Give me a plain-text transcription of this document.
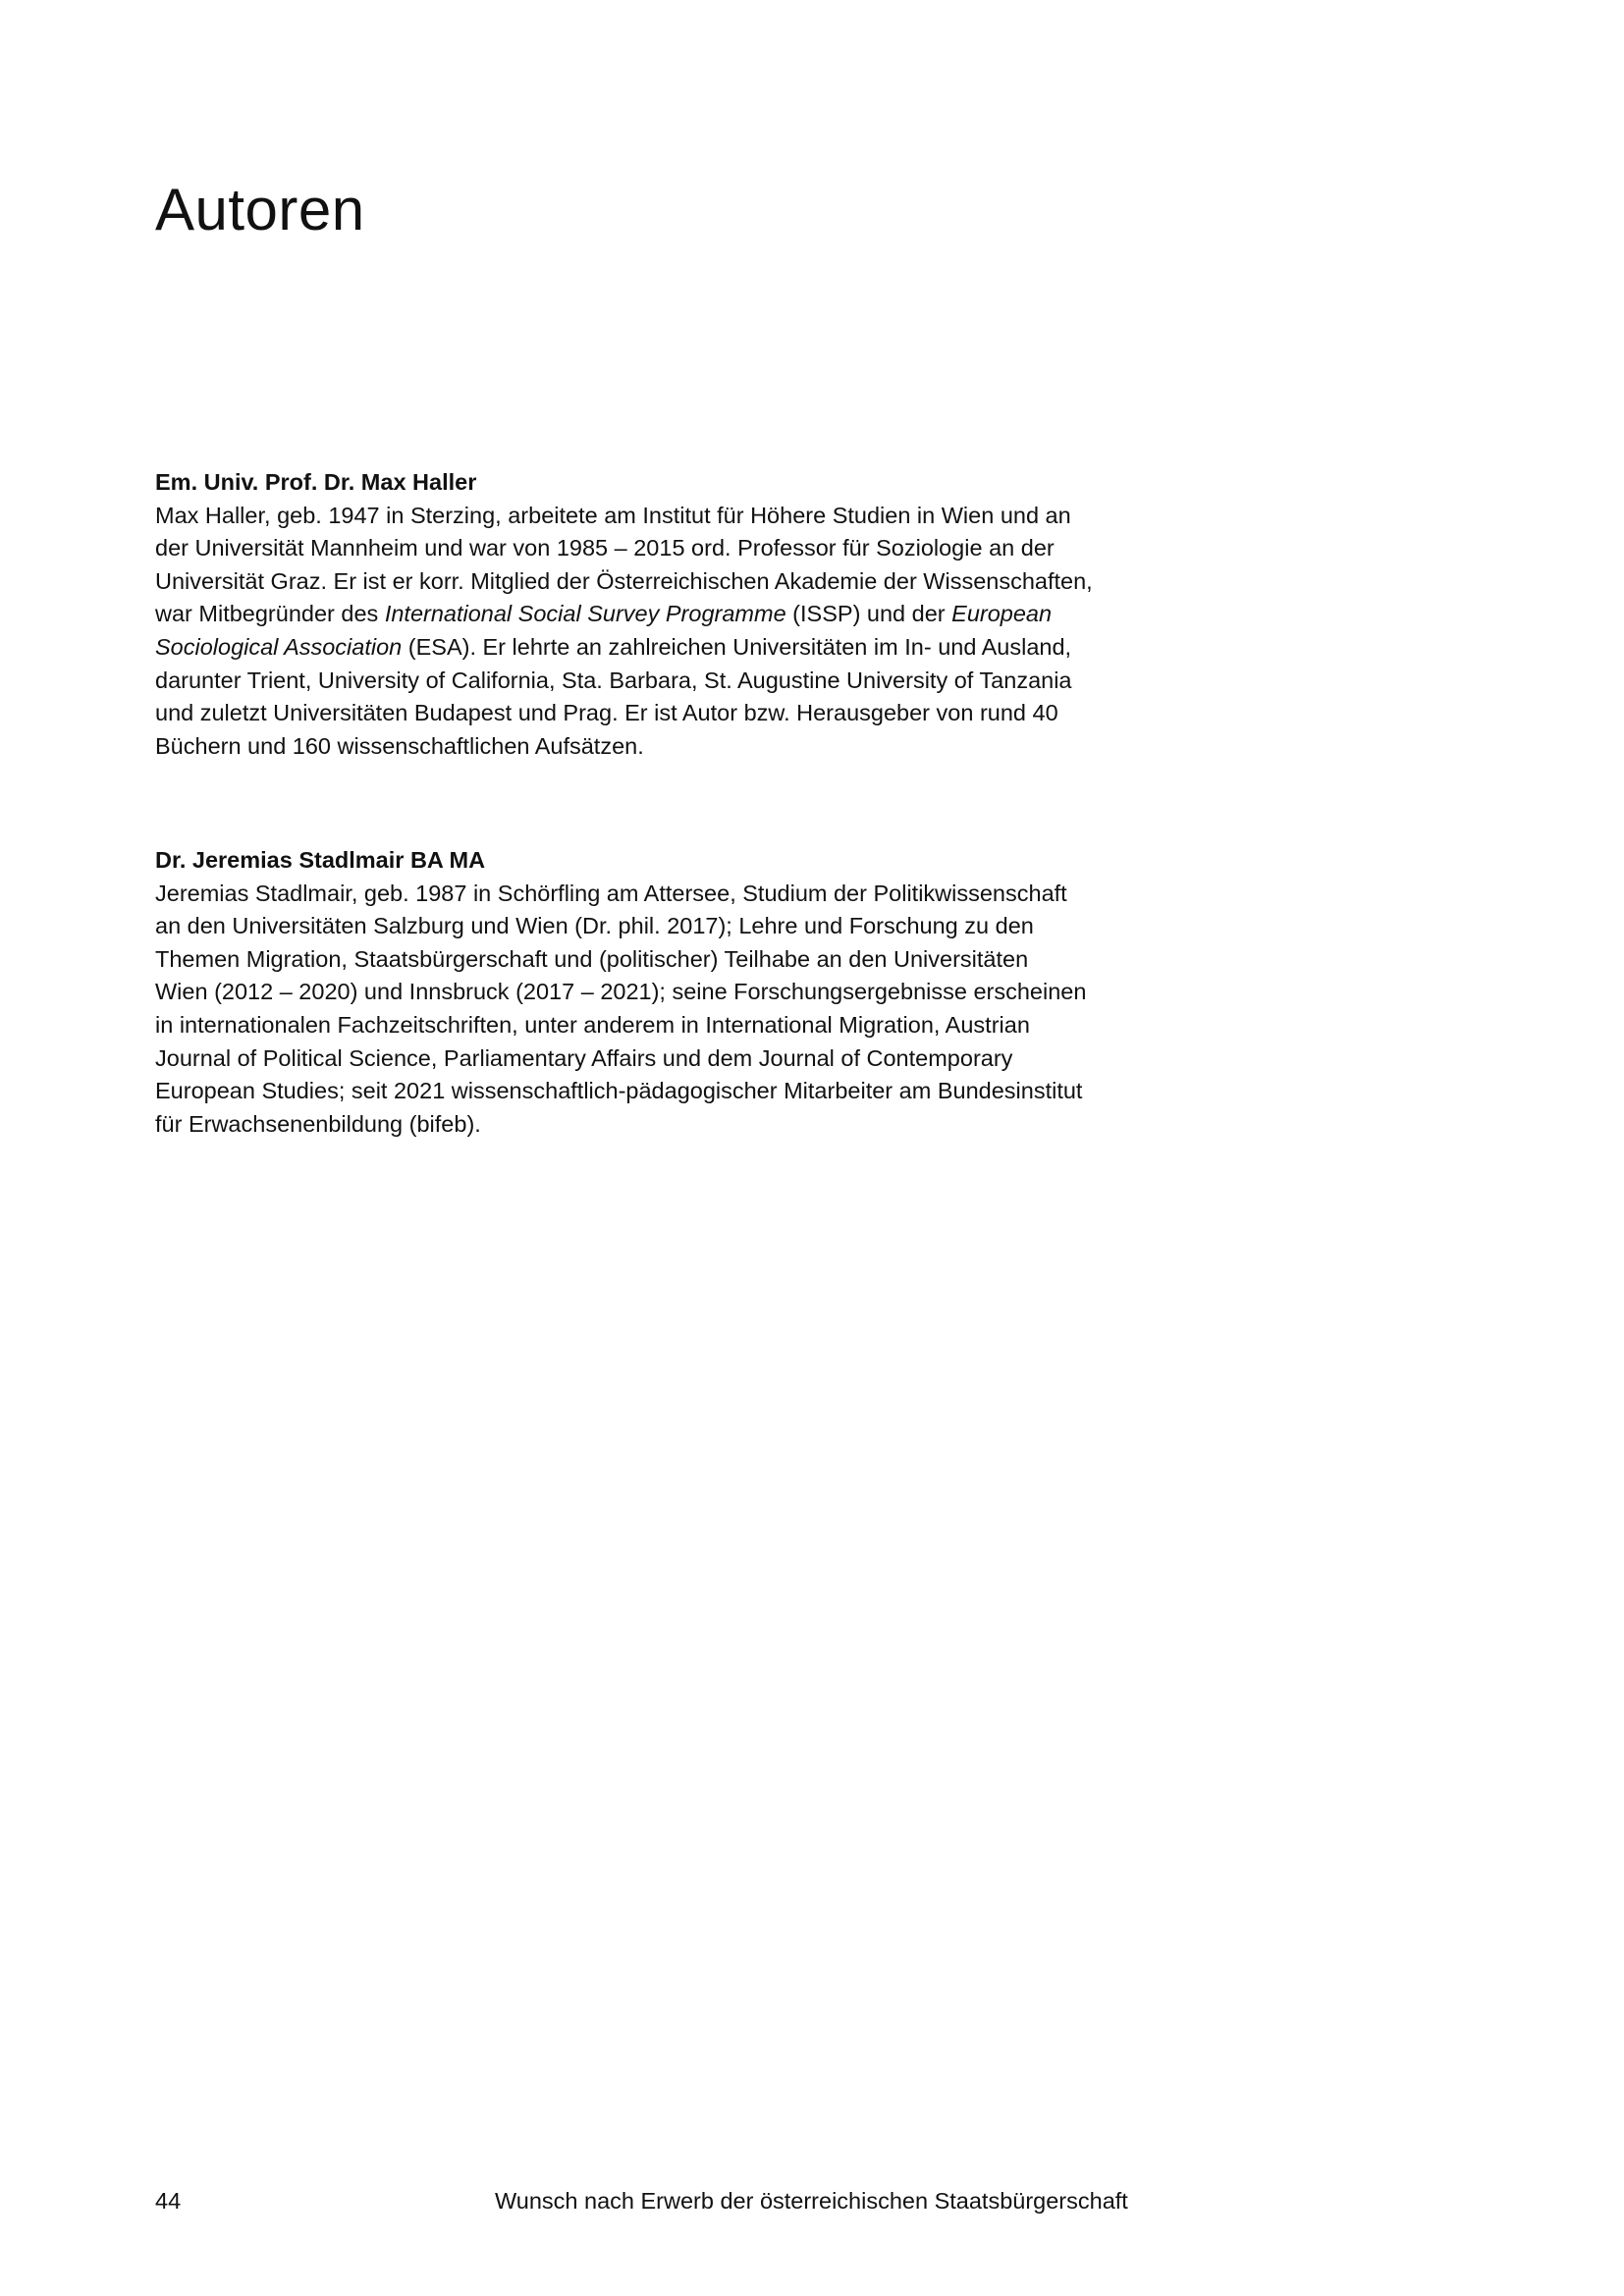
Autoren
Em. Univ. Prof. Dr. Max Haller
Max Haller, geb. 1947 in Sterzing, arbeitete am Institut für Höhere Studien in Wien und an
der Universität Mannheim und war von 1985 – 2015 ord. Professor für Soziologie an der
Universität Graz. Er ist er korr. Mitglied der Österreichischen Akademie der Wissenschaften,
war Mitbegründer des International Social Survey Programme (ISSP) und der European
Sociological Association (ESA). Er lehrte an zahlreichen Universitäten im In- und Ausland,
darunter Trient, University of California, Sta. Barbara, St. Augustine University of Tanzania
und zuletzt Universitäten Budapest und Prag. Er ist Autor bzw. Herausgeber von rund 40
Büchern und 160 wissenschaftlichen Aufsätzen.
Dr. Jeremias Stadlmair BA MA
Jeremias Stadlmair, geb. 1987 in Schörfling am Attersee, Studium der Politikwissenschaft
an den Universitäten Salzburg und Wien (Dr. phil. 2017); Lehre und Forschung zu den
Themen Migration, Staatsbürgerschaft und (politischer) Teilhabe an den Universitäten
Wien (2012 – 2020) und Innsbruck (2017 – 2021); seine Forschungsergebnisse erscheinen
in internationalen Fachzeitschriften, unter anderem in International Migration, Austrian
Journal of Political Science, Parliamentary Affairs und dem Journal of Contemporary
European Studies; seit 2021 wissenschaftlich-pädagogischer Mitarbeiter am Bundesinstitut
für Erwachsenenbildung (bifeb).
44	Wunsch nach Erwerb der österreichischen Staatsbürgerschaft
